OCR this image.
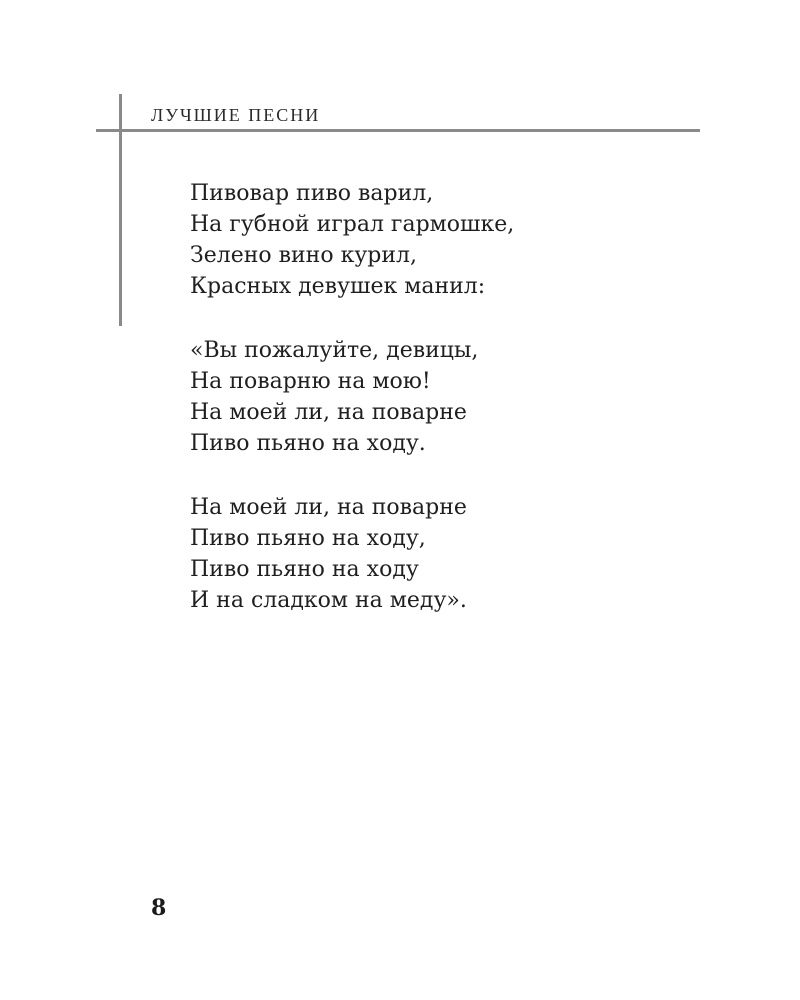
ЛУЧШИЕ ПЕСНИ
Пивовар пиво варил,
На губной играл гармошке,
Зелено вино курил,
Красных девушек манил:
«Вы пожалуйте, девицы,
На поварню на мою!
На моей ли, на поварне
Пиво пьяно на ходу.
На моей ли, на поварне
Пиво пьяно на ходу,
Пиво пьяно на ходу
И на сладком на меду».
8
